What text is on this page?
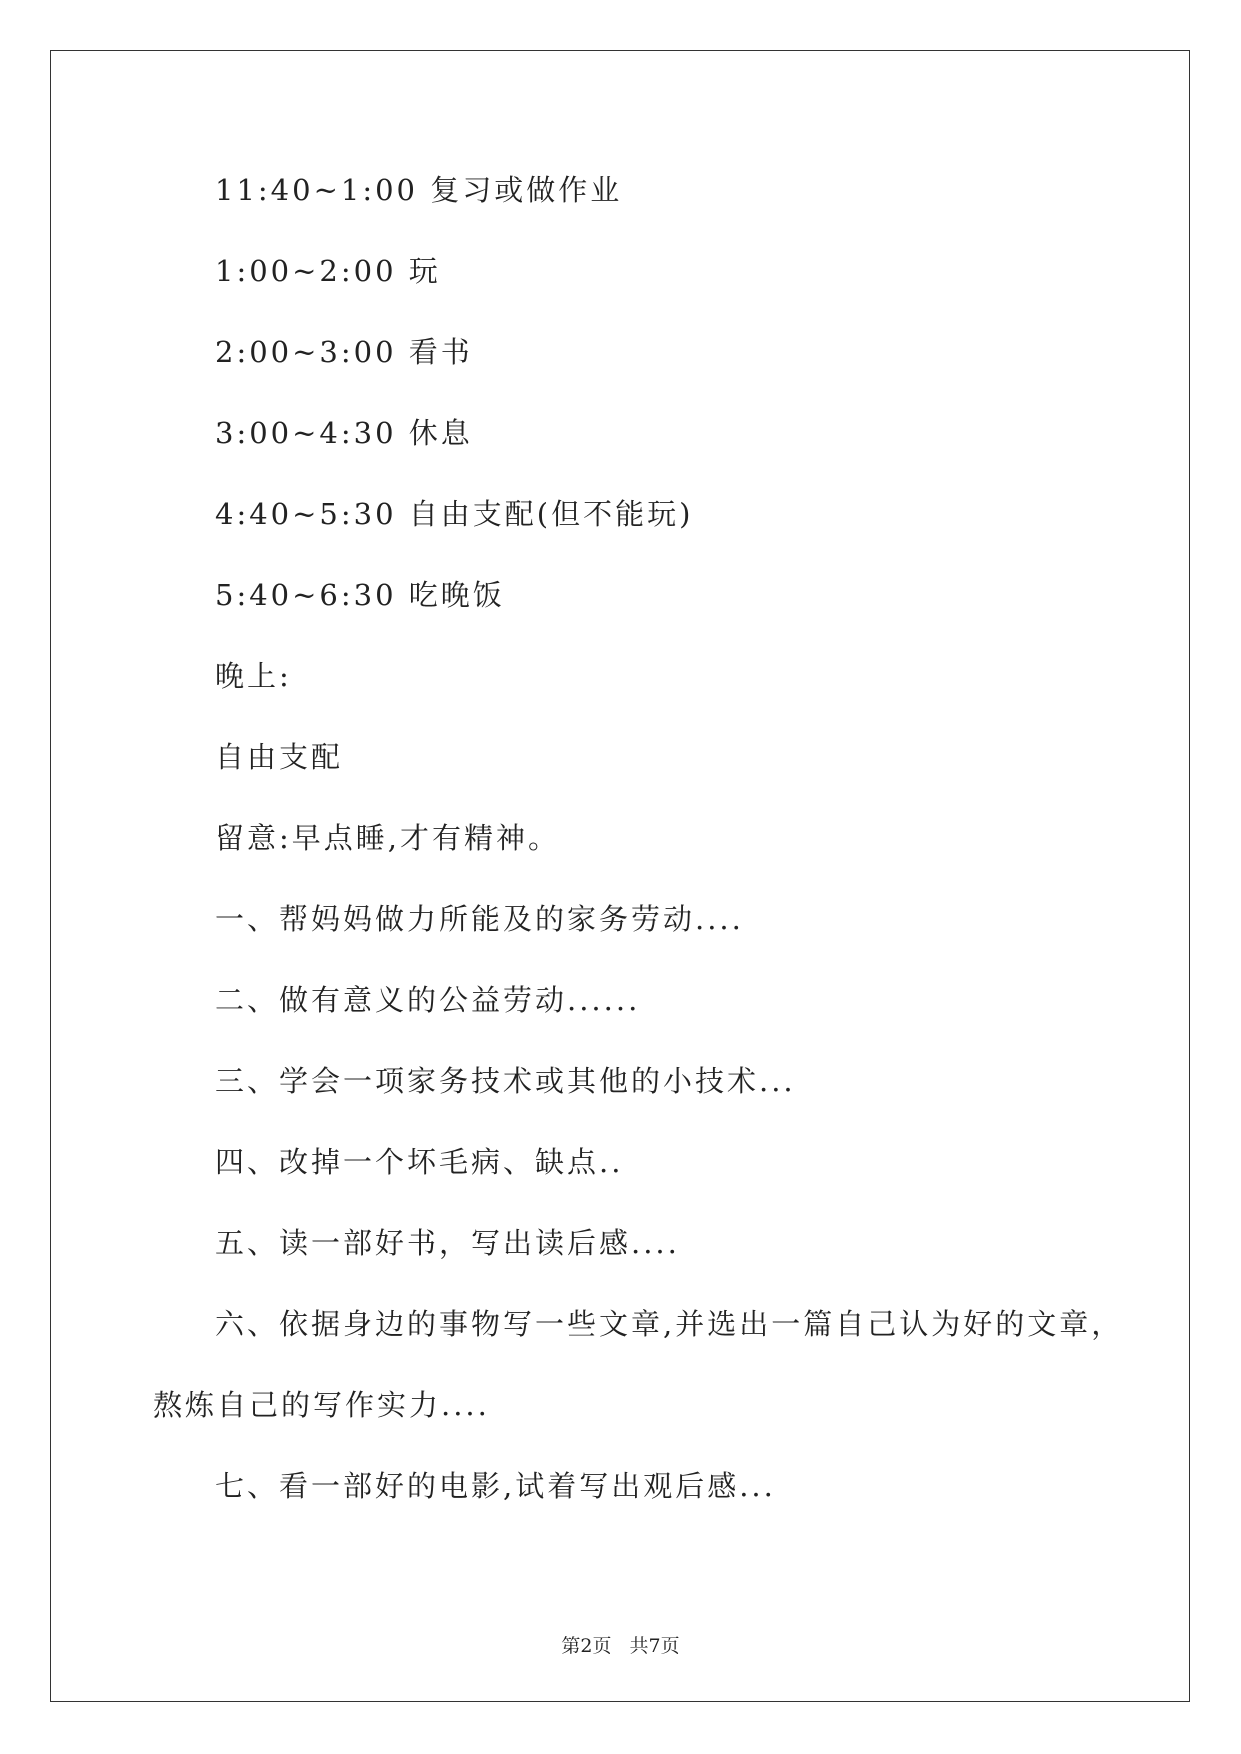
11:40~1:00 复习或做作业
1:00~2:00 玩
2:00~3:00 看书
3:00~4:30 休息
4:40~5:30 自由支配(但不能玩)
5:40~6:30 吃晚饭
晚上:
自由支配
留意:早点睡,才有精神。
一、帮妈妈做力所能及的家务劳动....
二、做有意义的公益劳动......
三、学会一项家务技术或其他的小技术...
四、改掉一个坏毛病、缺点..
五、读一部好书，写出读后感....
六、依据身边的事物写一些文章,并选出一篇自己认为好的文章，
熬炼自己的写作实力....
七、看一部好的电影,试着写出观后感...
第2页 共7页
